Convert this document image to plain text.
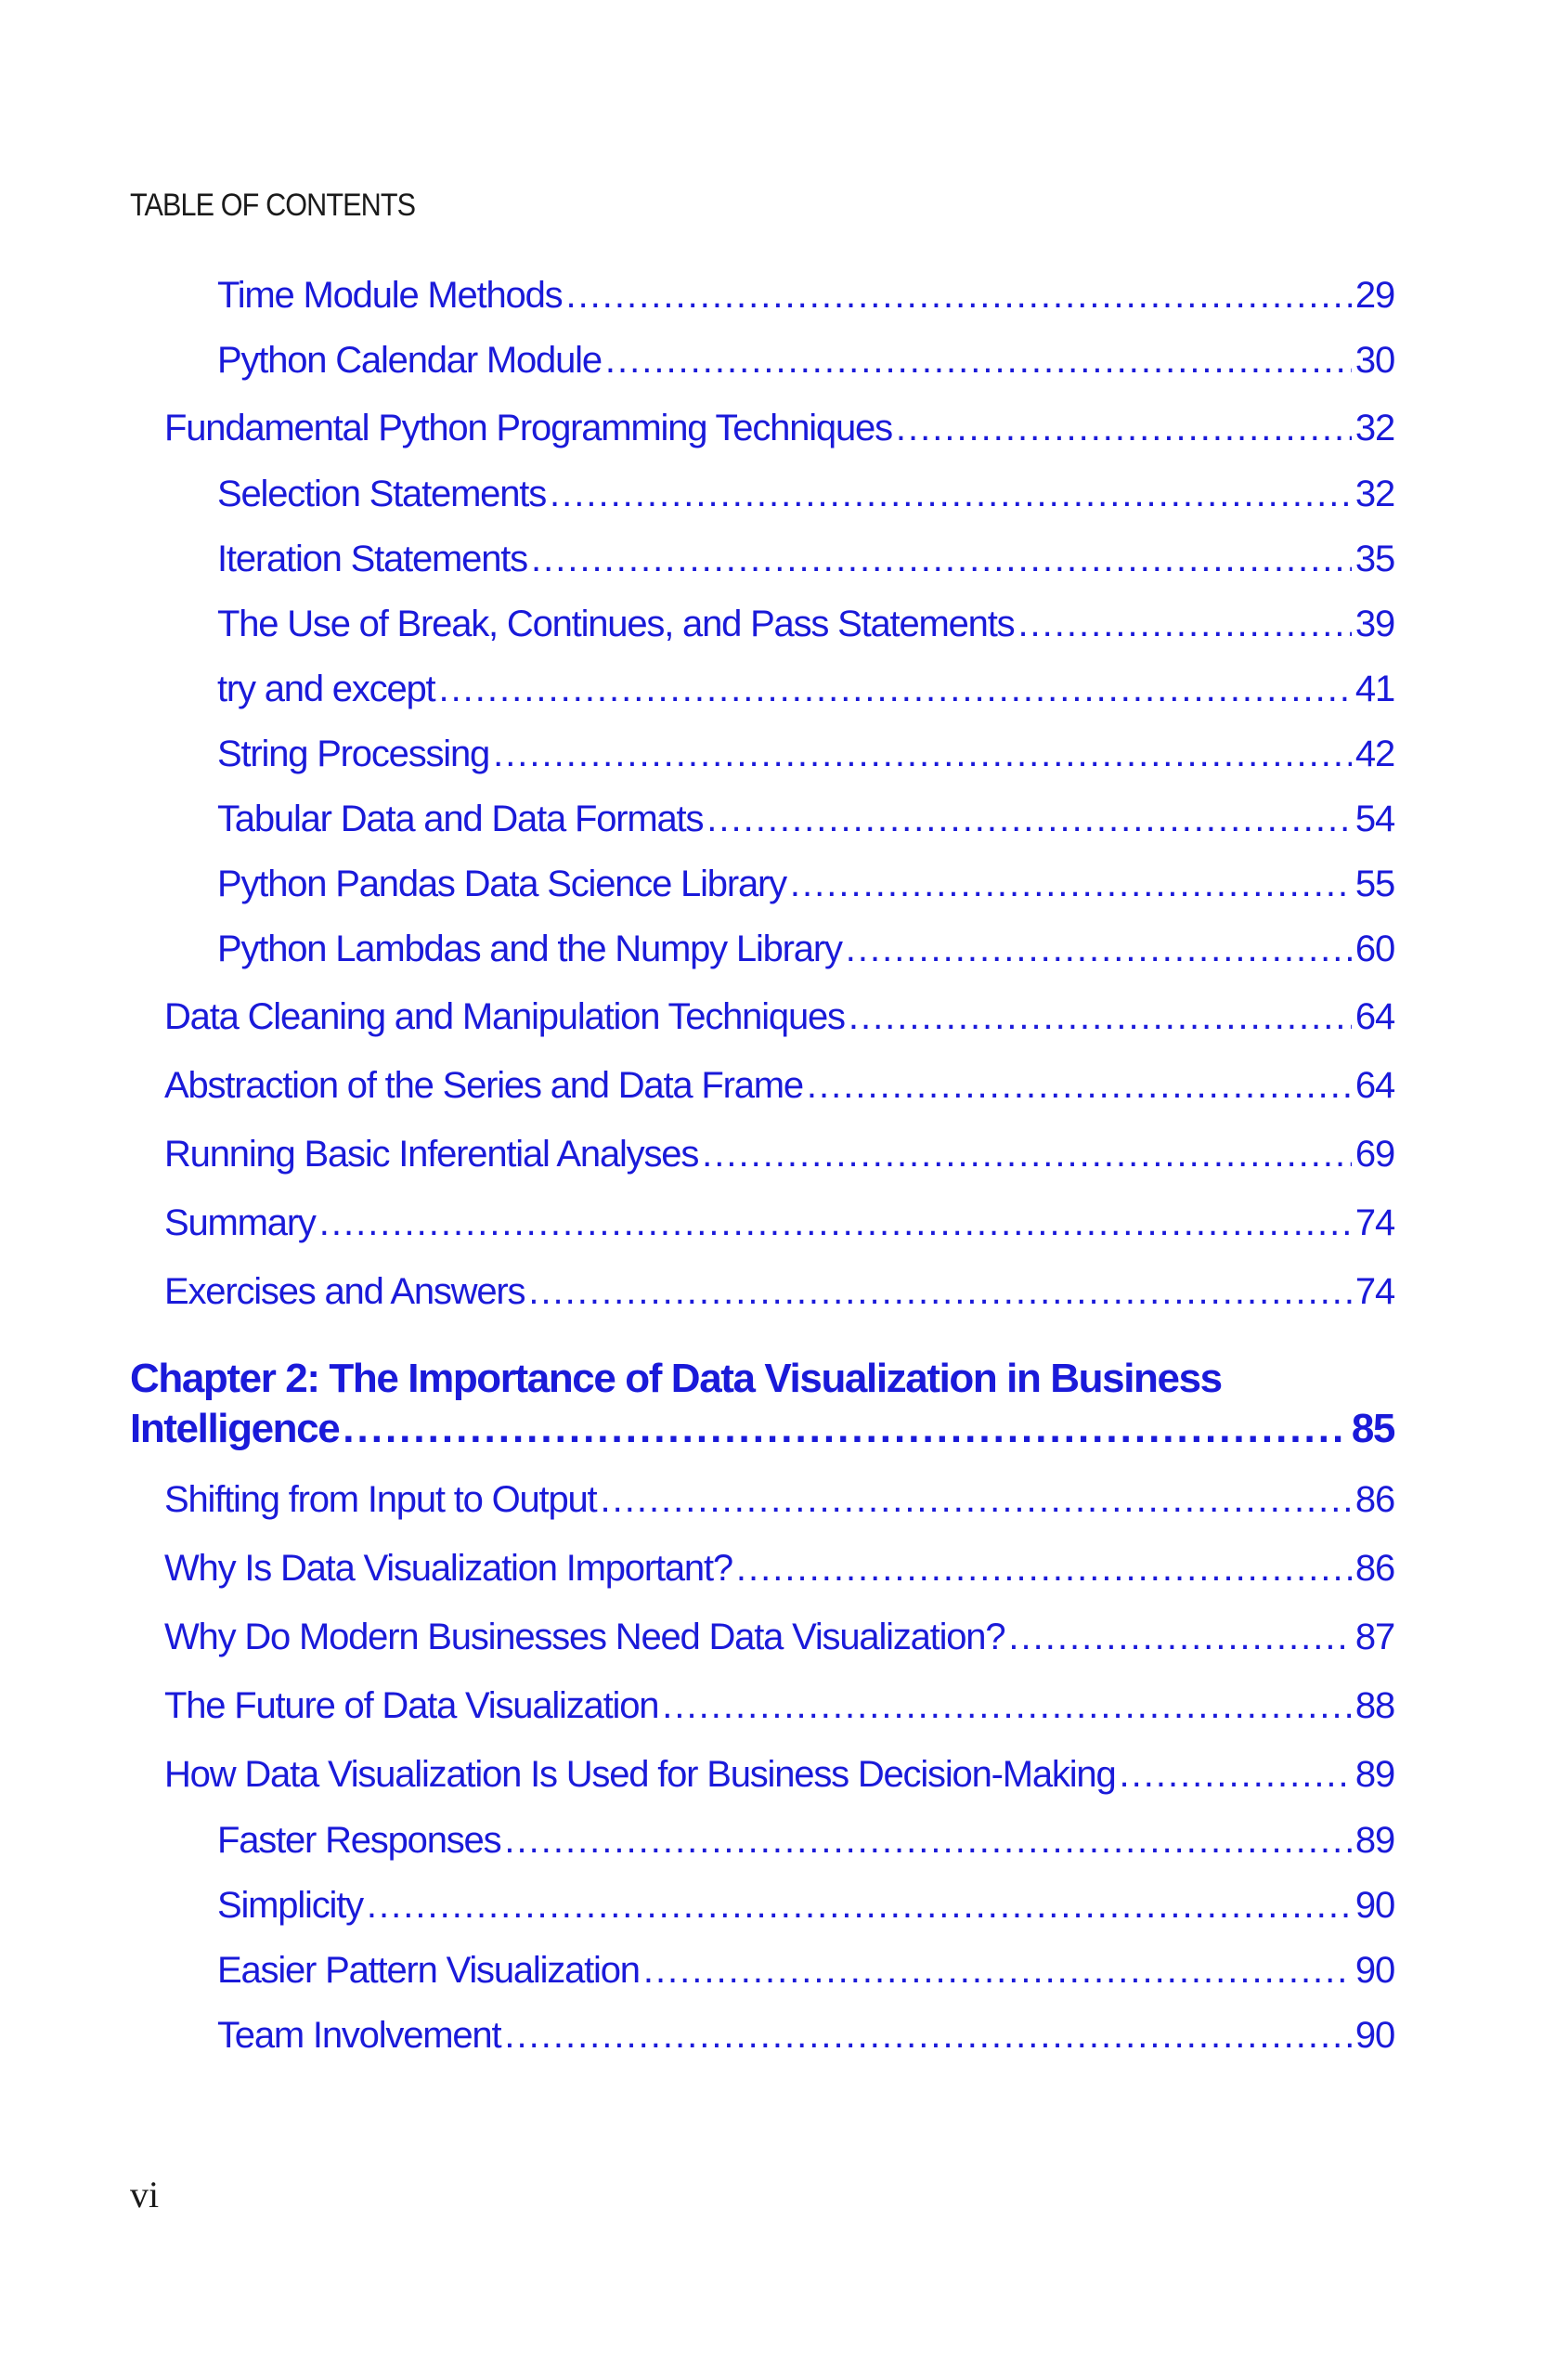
TABLE OF CONTENTS
Time Module Methods .....	29
Python Calendar Module .....	30
Fundamental Python Programming Techniques .....	32
Selection Statements .....	32
Iteration Statements .....	35
The Use of Break, Continues, and Pass Statements .....	39
try and except .....	41
String Processing .....	42
Tabular Data and Data Formats .....	54
Python Pandas Data Science Library .....	55
Python Lambdas and the Numpy Library .....	60
Data Cleaning and Manipulation Techniques .....	64
Abstraction of the Series and Data Frame .....	64
Running Basic Inferential Analyses .....	69
Summary .....	74
Exercises and Answers .....	74
Chapter 2: The Importance of Data Visualization in Business
Intelligence .....	85
Shifting from Input to Output .....	86
Why Is Data Visualization Important? .....	86
Why Do Modern Businesses Need Data Visualization? .....	87
The Future of Data Visualization .....	88
How Data Visualization Is Used for Business Decision-Making .....	89
Faster Responses .....	89
Simplicity .....	90
Easier Pattern Visualization .....	90
Team Involvement .....	90
vi
